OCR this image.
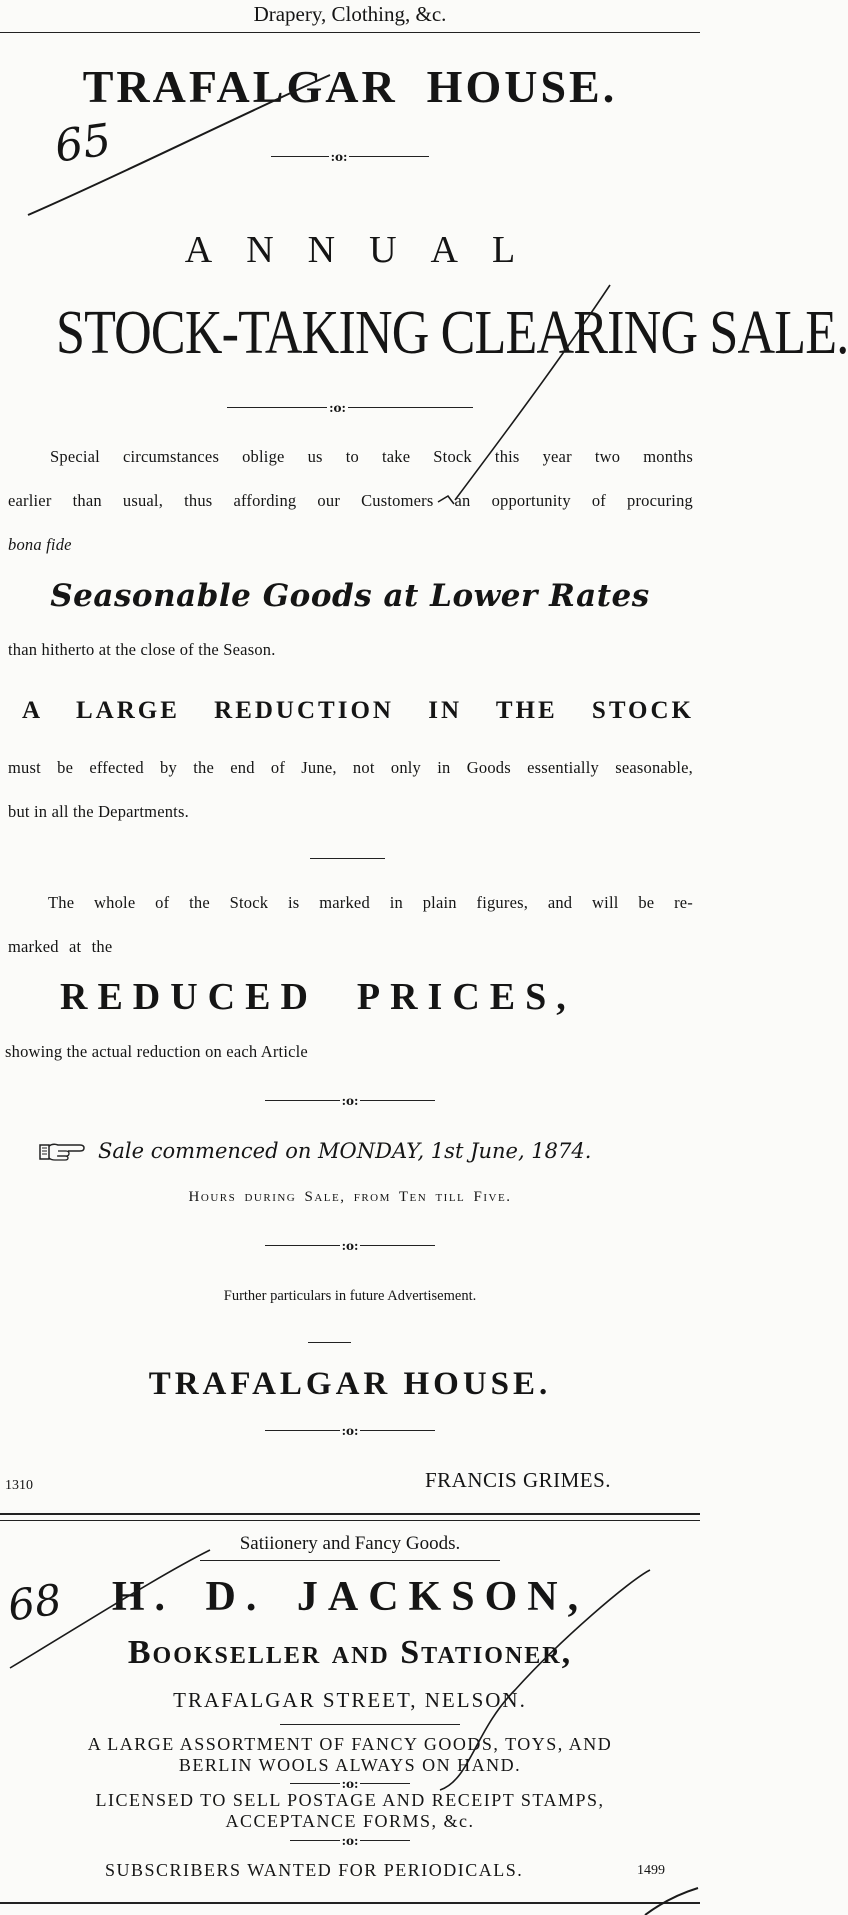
Drapery, Clothing, &c.
TRAFALGAR  HOUSE.
:o:
ANNUAL
STOCK-TAKING CLEARING SALE.
:o:
Special circumstances oblige us to take Stock this year two months
earlier than usual, thus affording our Customers an opportunity of procuring
bona fide
Seasonable Goods at Lower Rates
than hitherto at the close of the Season.
A LARGE REDUCTION IN THE STOCK
must be effected by the end of June, not only in Goods essentially seasonable,
but in all the Departments.
The whole of the Stock is marked in plain figures, and will be re-
marked at the
REDUCED  PRICES,
showing the actual reduction on each Article
:o:
Sale commenced on MONDAY, 1st June, 1874.
Hours during Sale, from Ten till Five.
:o:
Further particulars in future Advertisement.
TRAFALGAR HOUSE.
:o:
1310	FRANCIS GRIMES.
Satiionery and Fancy Goods.
H. D. JACKSON,
Bookseller and Stationer,
TRAFALGAR STREET, NELSON.
A LARGE ASSORTMENT OF FANCY GOODS, TOYS, AND
BERLIN WOOLS ALWAYS ON HAND.
:o:
LICENSED TO SELL POSTAGE AND RECEIPT STAMPS,
ACCEPTANCE FORMS, &c.
:o:
SUBSCRIBERS WANTED FOR PERIODICALS.	1499
65
68
